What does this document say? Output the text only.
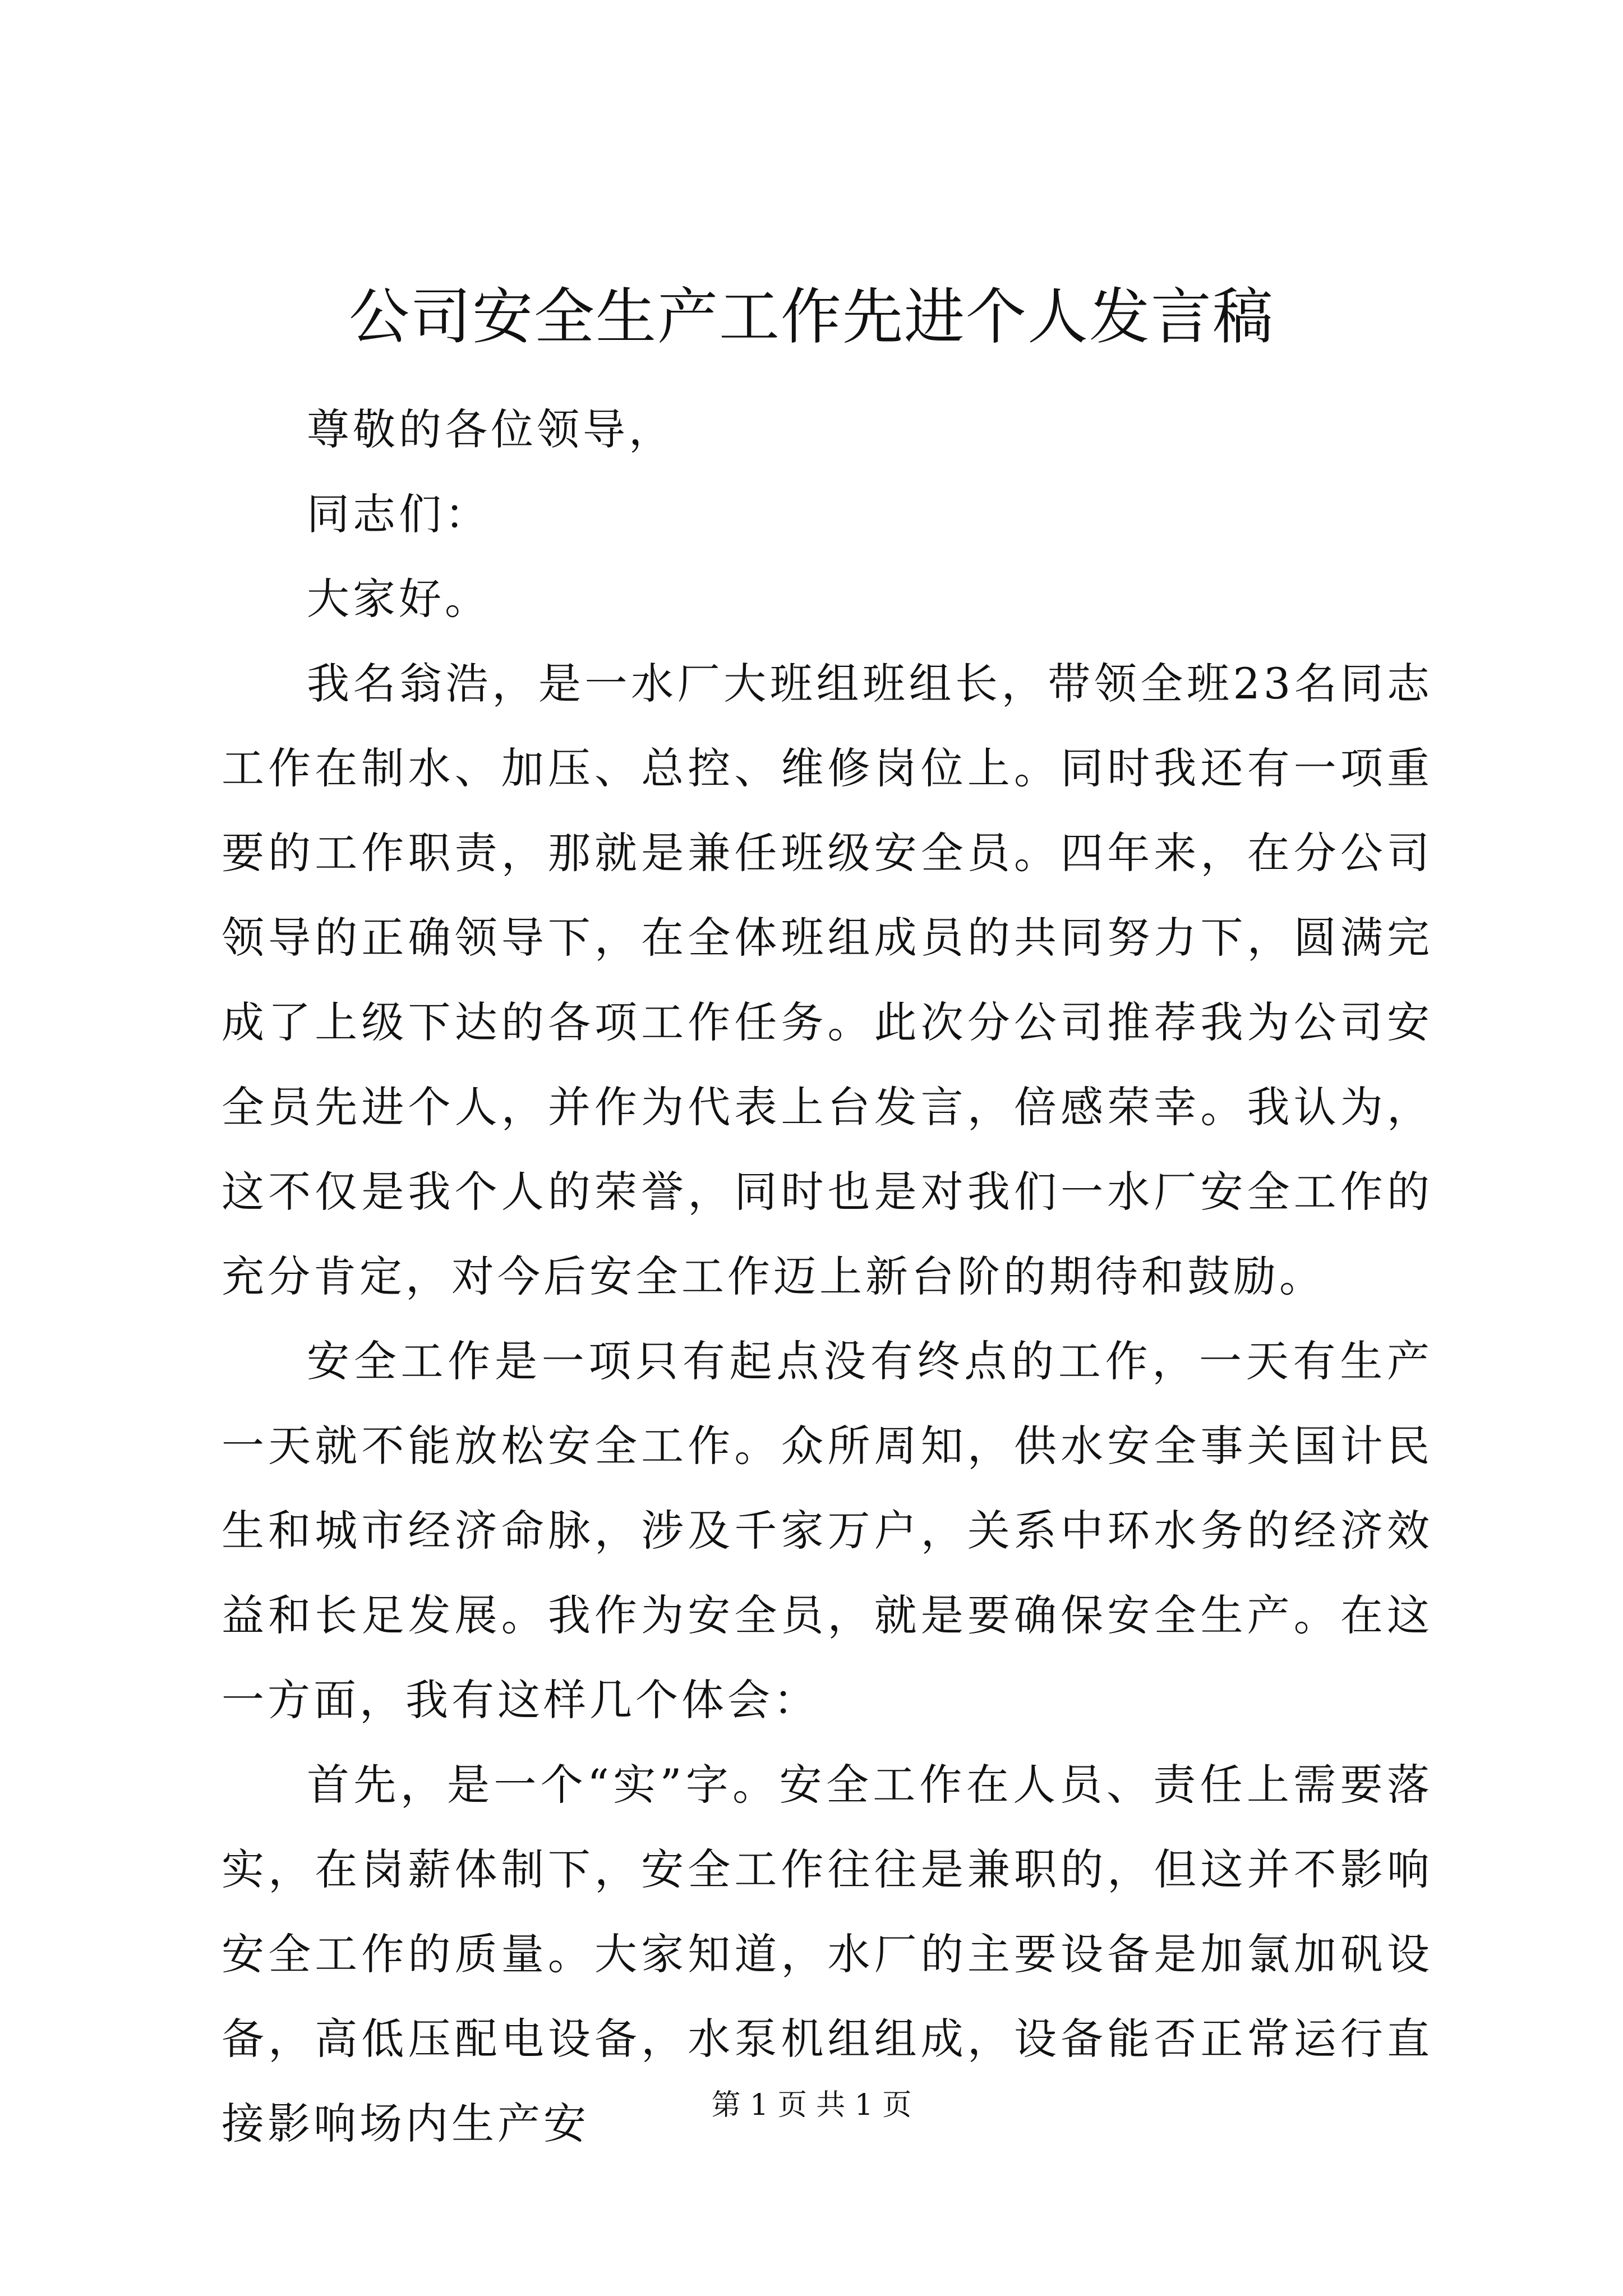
公司安全生产工作先进个人发言稿

尊敬的各位领导，

同志们：

大家好。

我名翁浩，是一水厂大班组班组长，带领全班23名同志工作在制水、加压、总控、维修岗位上。同时我还有一项重要的工作职责，那就是兼任班级安全员。四年来，在分公司领导的正确领导下，在全体班组成员的共同努力下，圆满完成了上级下达的各项工作任务。此次分公司推荐我为公司安全员先进个人，并作为代表上台发言，倍感荣幸。我认为，这不仅是我个人的荣誉，同时也是对我们一水厂安全工作的充分肯定，对今后安全工作迈上新台阶的期待和鼓励。

安全工作是一项只有起点没有终点的工作，一天有生产一天就不能放松安全工作。众所周知，供水安全事关国计民生和城市经济命脉，涉及千家万户，关系中环水务的经济效益和长足发展。我作为安全员，就是要确保安全生产。在这一方面，我有这样几个体会：

首先，是一个“实”字。安全工作在人员、责任上需要落实，在岗薪体制下，安全工作往往是兼职的，但这并不影响安全工作的质量。大家知道，水厂的主要设备是加氯加矾设备，高低压配电设备，水泵机组组成，设备能否正常运行直接影响场内生产安	第 1 页 共 1 页
